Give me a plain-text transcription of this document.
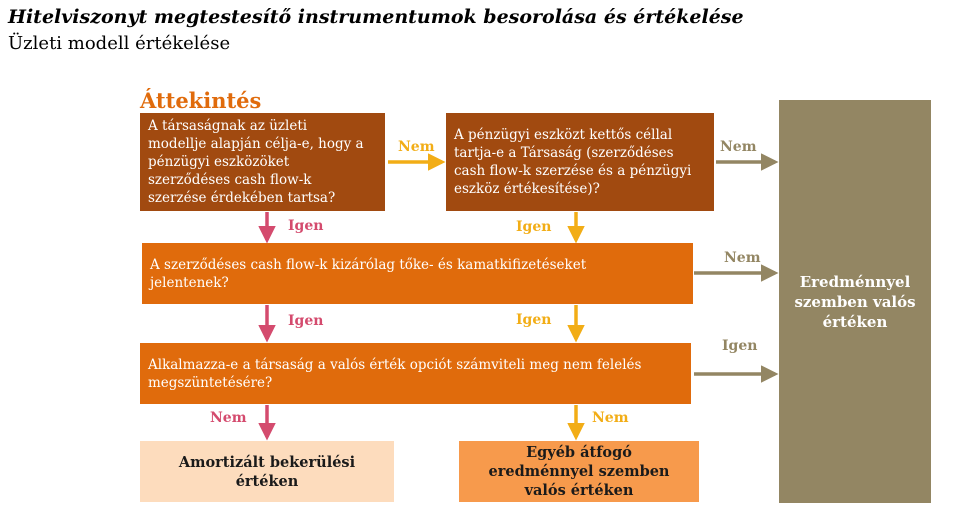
Hitelviszonyt megtestesítő instrumentumok besorolása és értékelése
Üzleti modell értékelése
Áttekintés
A társaságnak az üzleti
modellje alapján célja-e, hogy a
pénzügyi eszközöket
szerződéses cash flow-k
szerzése érdekében tartsa?
A pénzügyi eszközt kettős céllal
tartja-e a Társaság (szerződéses
cash flow-k szerzése és a pénzügyi
eszköz értékesítése)?
A szerződéses cash flow-k kizárólag tőke- és kamatkifizetéseket
jelentenek?
Alkalmazza-e a társaság a valós érték opciót számviteli meg nem felelés
megszüntetésére?
Eredménnyel
szemben valós
értéken
Amortizált bekerülési
értéken
Egyéb átfogó
eredménnyel szemben
valós értéken
Nem	Nem
Igen	Igen
Nem
Igen	Igen
Igen
Nem	Nem
